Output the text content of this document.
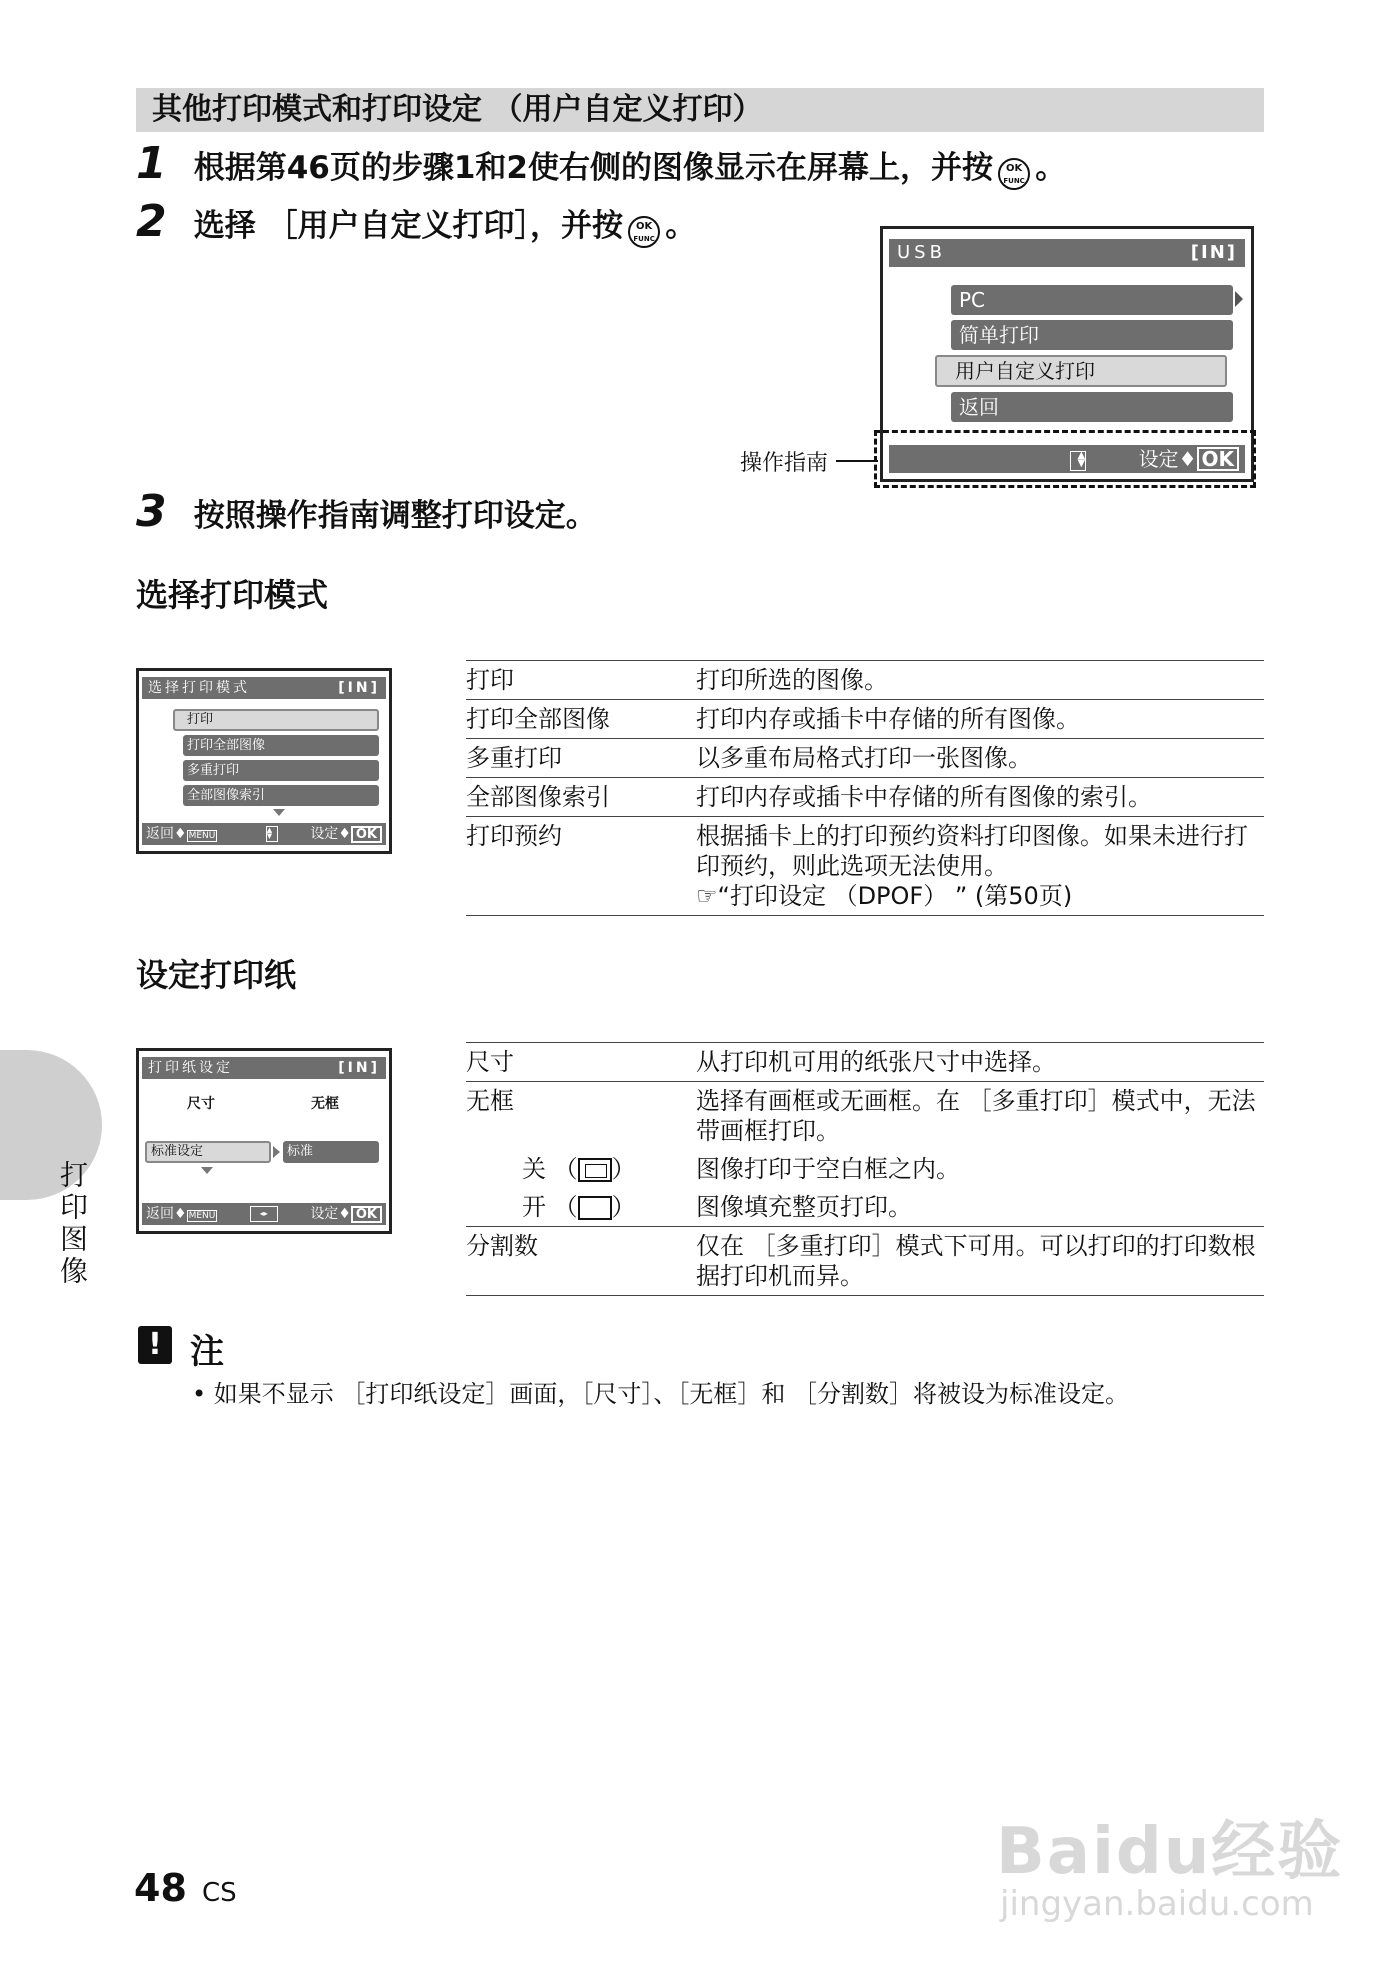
其他打印模式和打印设定 （用户自定义打印）
1 根据第46页的步骤1和2使右侧的图像显示在屏幕上，并按 OK
FUNC 。
2 选择 ［用户自定义打印］，并按 OK
FUNC 。
USB	[IN]
PC
简单打印
用户自定义打印
返回
▲
▼	设定♦ OK
操作指南
3 按照操作指南调整打印设定。
选择打印模式
选择打印模式	[IN]
打印
打印全部图像
多重打印
全部图像索引
返回♦ MENU ▲
▼	设定♦ OK
打印	打印所选的图像。
打印全部图像	打印内存或插卡中存储的所有图像。
多重打印	以多重布局格式打印一张图像。
全部图像索引	打印内存或插卡中存储的所有图像的索引。
打印预约	根据插卡上的打印预约资料打印图像。如果未进行打印预约，则此选项无法使用。
☞“打印设定 （DPOF） ” (第50页)
设定打印纸
打印纸设定	[IN]
尺寸	无框
标准设定	标准
返回♦ MENU	◂▸	设定♦ OK
尺寸	从打印机可用的纸张尺寸中选择。
无框	选择有画框或无画框。在 ［多重打印］模式中，无法带画框打印。
关 （ ）	图像打印于空白框之内。
开 （ ）	图像填充整页打印。
分割数	仅在 ［多重打印］模式下可用。可以打印的打印数根据打印机而异。
! 注
• 如果不显示 ［打印纸设定］画面，［尺寸］、［无框］和 ［分割数］将被设为标准设定。
打印图像
48 CS
Baidu经验
jingyan.baidu.com
